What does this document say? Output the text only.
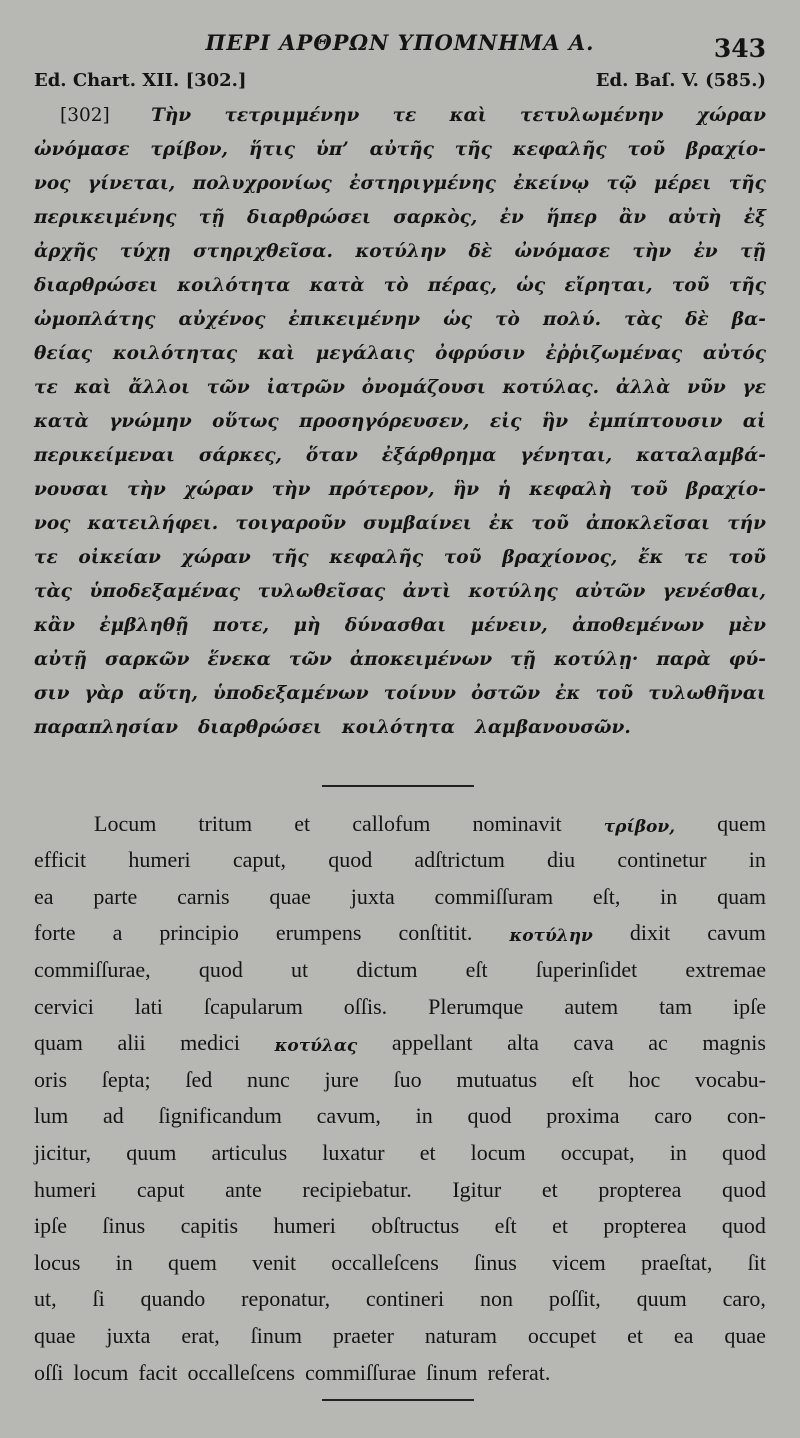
ΠΕΡΙ ΑΡΘΡΩΝ ΥΠΟΜΝΗΜΑ Α.	343
Ed. Chart. XII. [302.]	Ed. Baſ. V. (585.)
[302] Τὴν τετριμμένην τε καὶ τετυλωμένην χώραν
ὠνόμασε τρίβον, ἥτις ὑπ’ αὐτῆς τῆς κεφαλῆς τοῦ βραχίο-
νος γίνεται, πολυχρονίως ἐστηριγμένης ἐκείνῳ τῷ μέρει τῆς
περικειμένης τῇ διαρθρώσει σαρκὸς, ἐν ἥπερ ἂν αὐτὴ ἐξ
ἀρχῆς τύχῃ στηριχθεῖσα. κοτύλην δὲ ὠνόμασε τὴν ἐν τῇ
διαρθρώσει κοιλότητα κατὰ τὸ πέρας, ὡς εἴρηται, τοῦ τῆς
ὠμοπλάτης αὐχένος ἐπικειμένην ὡς τὸ πολύ. τὰς δὲ βα-
θείας κοιλότητας καὶ μεγάλαις ὀφρύσιν ἐῤῥιζωμένας αὐτός
τε καὶ ἄλλοι τῶν ἰατρῶν ὀνομάζουσι κοτύλας. ἀλλὰ νῦν γε
κατὰ γνώμην οὕτως προσηγόρευσεν, εἰς ἣν ἐμπίπτουσιν αἱ
περικείμεναι σάρκες, ὅταν ἐξάρθρημα γένηται, καταλαμβά-
νουσαι τὴν χώραν τὴν πρότερον, ἣν ἡ κεφαλὴ τοῦ βραχίο-
νος κατειλήφει. τοιγαροῦν συμβαίνει ἐκ τοῦ ἀποκλεῖσαι τήν
τε οἰκείαν χώραν τῆς κεφαλῆς τοῦ βραχίονος, ἔκ τε τοῦ
τὰς ὑποδεξαμένας τυλωθεῖσας ἀντὶ κοτύλης αὐτῶν γενέσθαι,
κἂν ἐμβληθῇ ποτε, μὴ δύνασθαι μένειν, ἀποθεμένων μὲν
αὐτῇ σαρκῶν ἕνεκα τῶν ἀποκειμένων τῇ κοτύλῃ· παρὰ φύ-
σιν γὰρ αὕτη, ὑποδεξαμένων τοίνυν ὀστῶν ἐκ τοῦ τυλωθῆναι
παραπλησίαν διαρθρώσει κοιλότητα λαμβανουσῶν.
Locum tritum et callofum nominavit τρίβον, quem
efficit humeri caput, quod adſtrictum diu continetur in
ea parte carnis quae juxta commiſſuram eſt, in quam
forte a principio erumpens conſtitit. κοτύλην dixit cavum
commiſſurae, quod ut dictum eſt ſuperinſidet extremae
cervici lati ſcapularum oſſis. Plerumque autem tam ipſe
quam alii medici κοτύλας appellant alta cava ac magnis
oris ſepta; ſed nunc jure ſuo mutuatus eſt hoc vocabu-
lum ad ſignificandum cavum, in quod proxima caro con-
jicitur, quum articulus luxatur et locum occupat, in quod
humeri caput ante recipiebatur. Igitur et propterea quod
ipſe ſinus capitis humeri obſtructus eſt et propterea quod
locus in quem venit occalleſcens ſinus vicem praeſtat, ſit
ut, ſi quando reponatur, contineri non poſſit, quum caro,
quae juxta erat, ſinum praeter naturam occupet et ea quae
oſſi locum facit occalleſcens commiſſurae ſinum referat.
